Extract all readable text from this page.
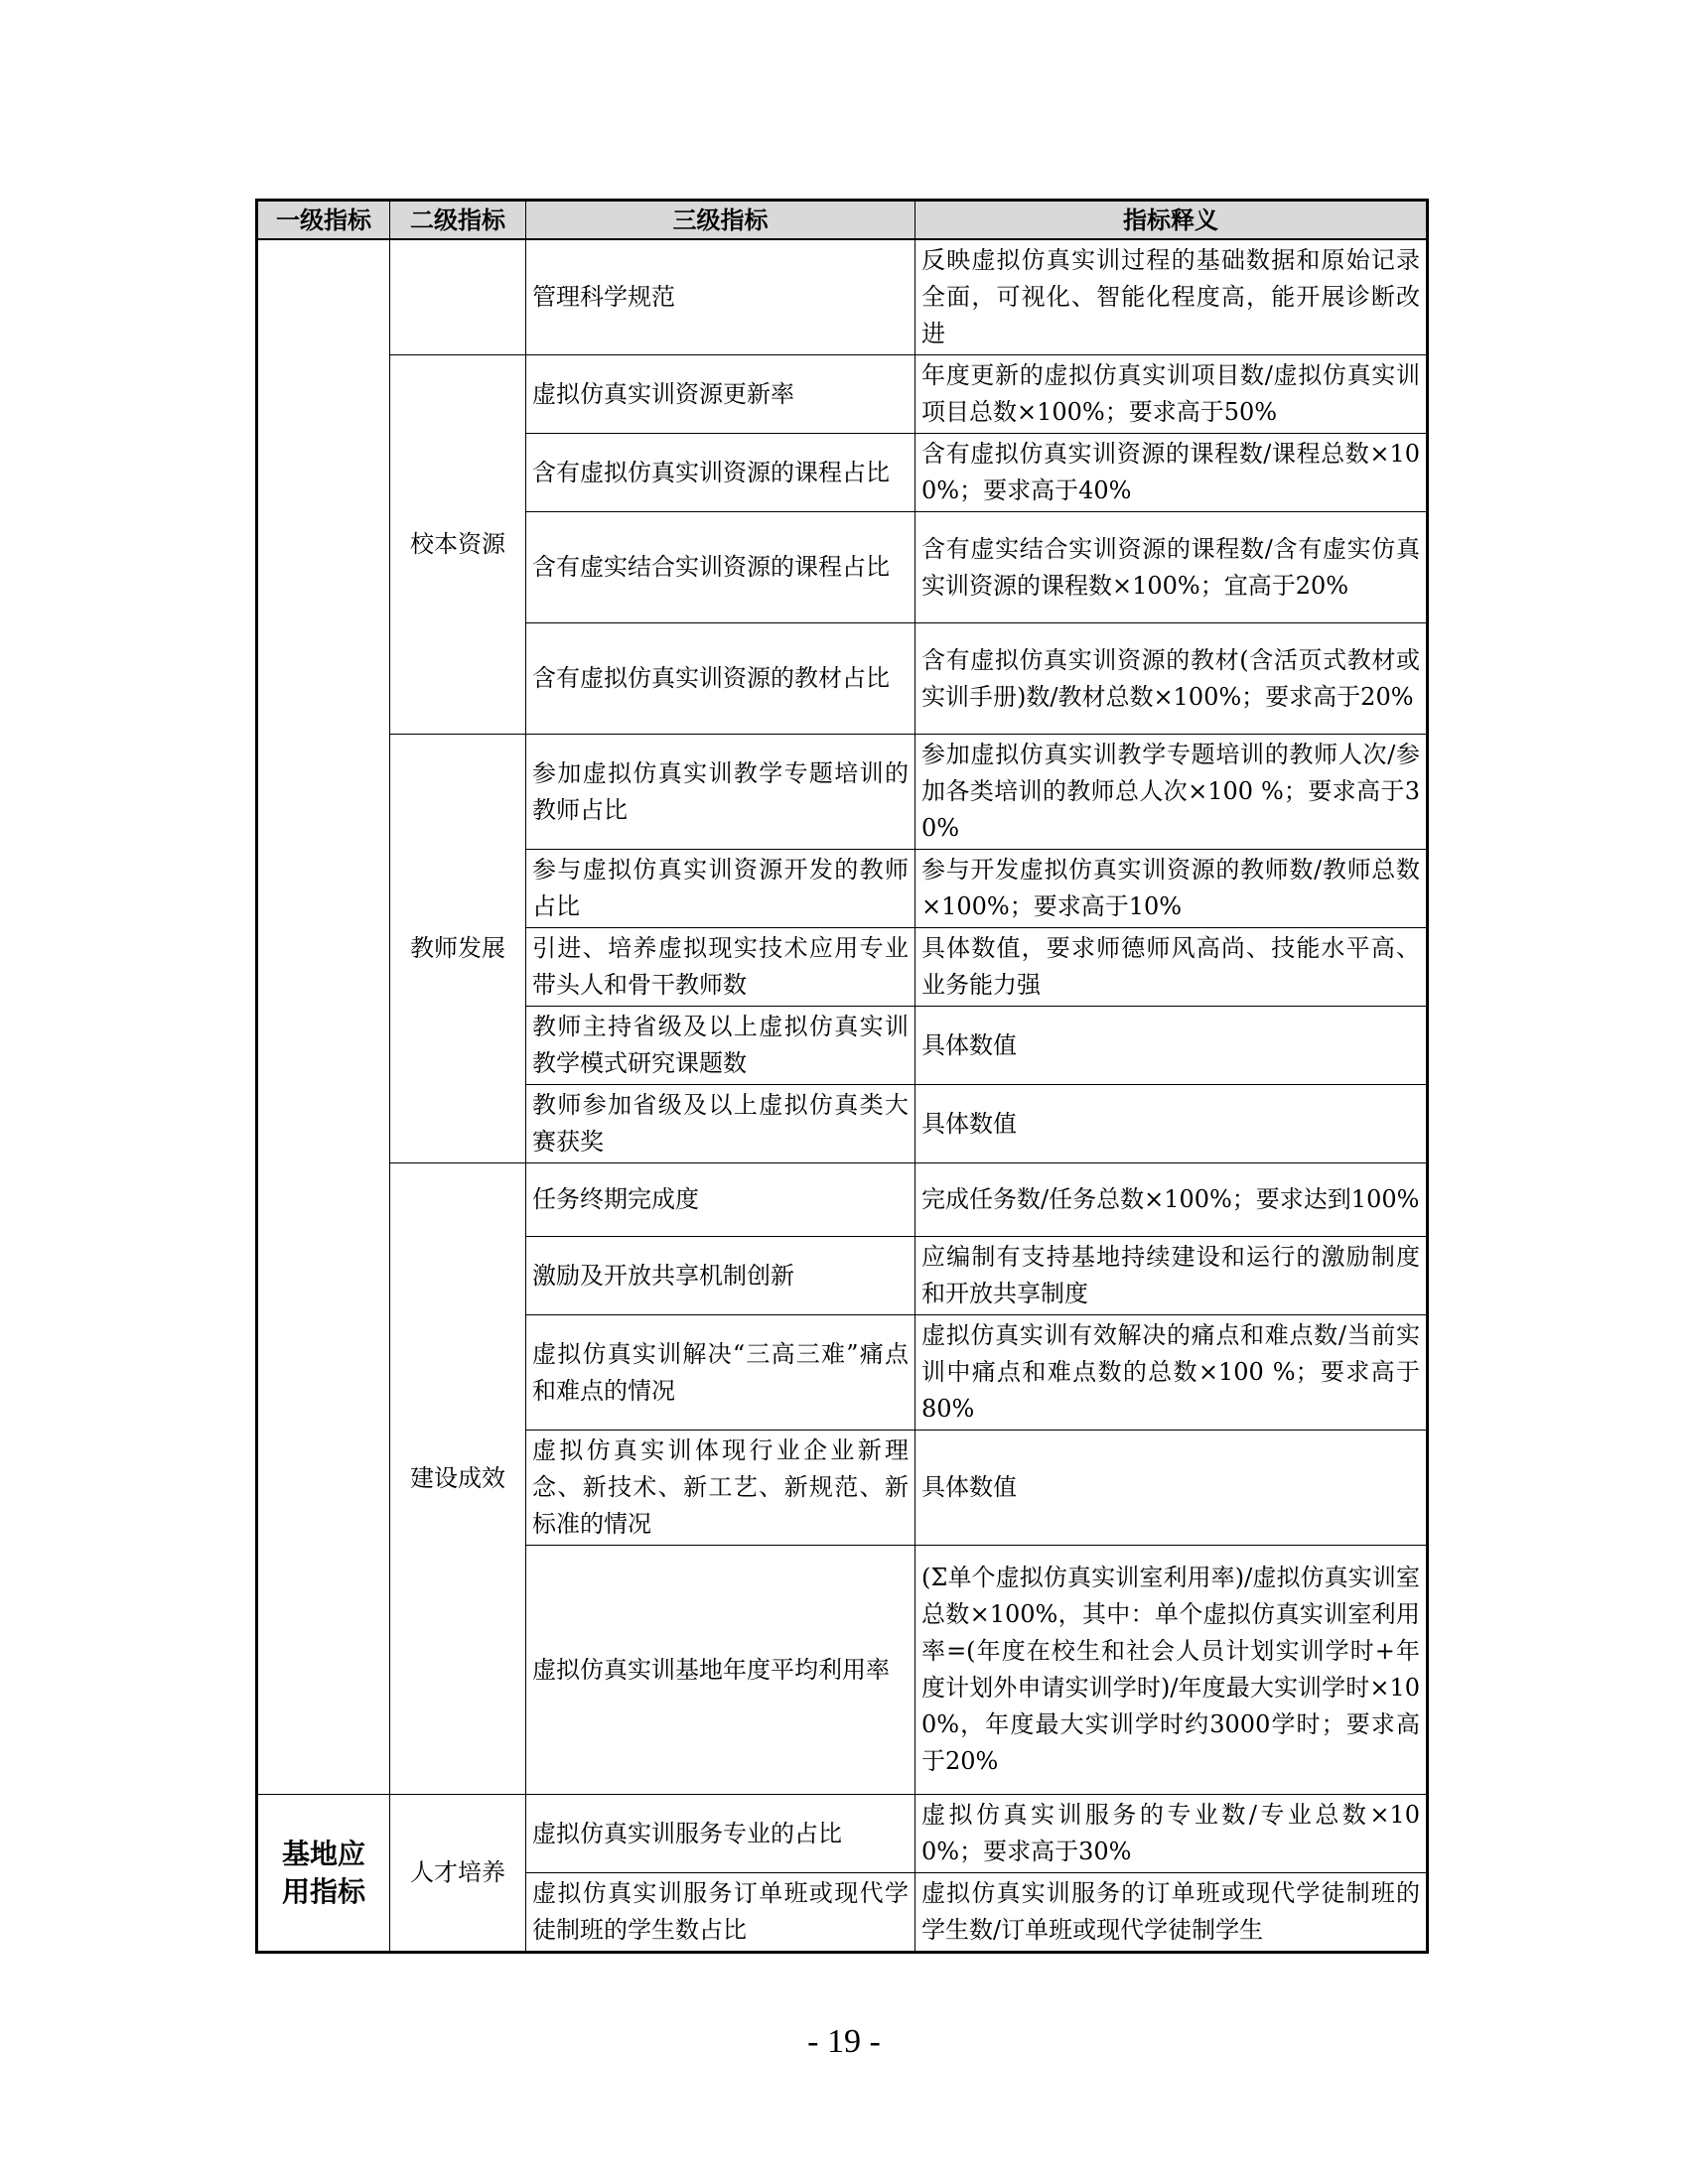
一级指标	二级指标	三级指标	指标释义
		管理科学规范	反映虚拟仿真实训过程的基础数据和原始记录全面，可视化、智能化程度高，能开展诊断改进
	校本资源	虚拟仿真实训资源更新率	年度更新的虚拟仿真实训项目数/虚拟仿真实训项目总数×100%；要求高于50%
		含有虚拟仿真实训资源的课程占比	含有虚拟仿真实训资源的课程数/课程总数×100%；要求高于40%
		含有虚实结合实训资源的课程占比	含有虚实结合实训资源的课程数/含有虚实仿真实训资源的课程数×100%；宜高于20%
		含有虚拟仿真实训资源的教材占比	含有虚拟仿真实训资源的教材(含活页式教材或实训手册)数/教材总数×100%；要求高于20%
	教师发展	参加虚拟仿真实训教学专题培训的教师占比	参加虚拟仿真实训教学专题培训的教师人次/参加各类培训的教师总人次×100 %；要求高于30%
		参与虚拟仿真实训资源开发的教师占比	参与开发虚拟仿真实训资源的教师数/教师总数×100%；要求高于10%
		引进、培养虚拟现实技术应用专业带头人和骨干教师数	具体数值，要求师德师风高尚、技能水平高、业务能力强
		教师主持省级及以上虚拟仿真实训教学模式研究课题数	具体数值
		教师参加省级及以上虚拟仿真类大赛获奖	具体数值
	建设成效	任务终期完成度	完成任务数/任务总数×100%；要求达到100%
		激励及开放共享机制创新	应编制有支持基地持续建设和运行的激励制度和开放共享制度
		虚拟仿真实训解决“三高三难”痛点和难点的情况	虚拟仿真实训有效解决的痛点和难点数/当前实训中痛点和难点数的总数×100 %；要求高于 80%
		虚拟仿真实训体现行业企业新理念、新技术、新工艺、新规范、新标准的情况	具体数值
		虚拟仿真实训基地年度平均利用率	(Σ单个虚拟仿真实训室利用率)/虚拟仿真实训室总数×100%，其中：单个虚拟仿真实训室利用率=(年度在校生和社会人员计划实训学时+年度计划外申请实训学时)/年度最大实训学时×100%，年度最大实训学时约3000学时；要求高于20%
基地应用指标	人才培养	虚拟仿真实训服务专业的占比	虚拟仿真实训服务的专业数/专业总数×100%；要求高于30%
		虚拟仿真实训服务订单班或现代学徒制班的学生数占比	虚拟仿真实训服务的订单班或现代学徒制班的学生数/订单班或现代学徒制学生
- 19 -
